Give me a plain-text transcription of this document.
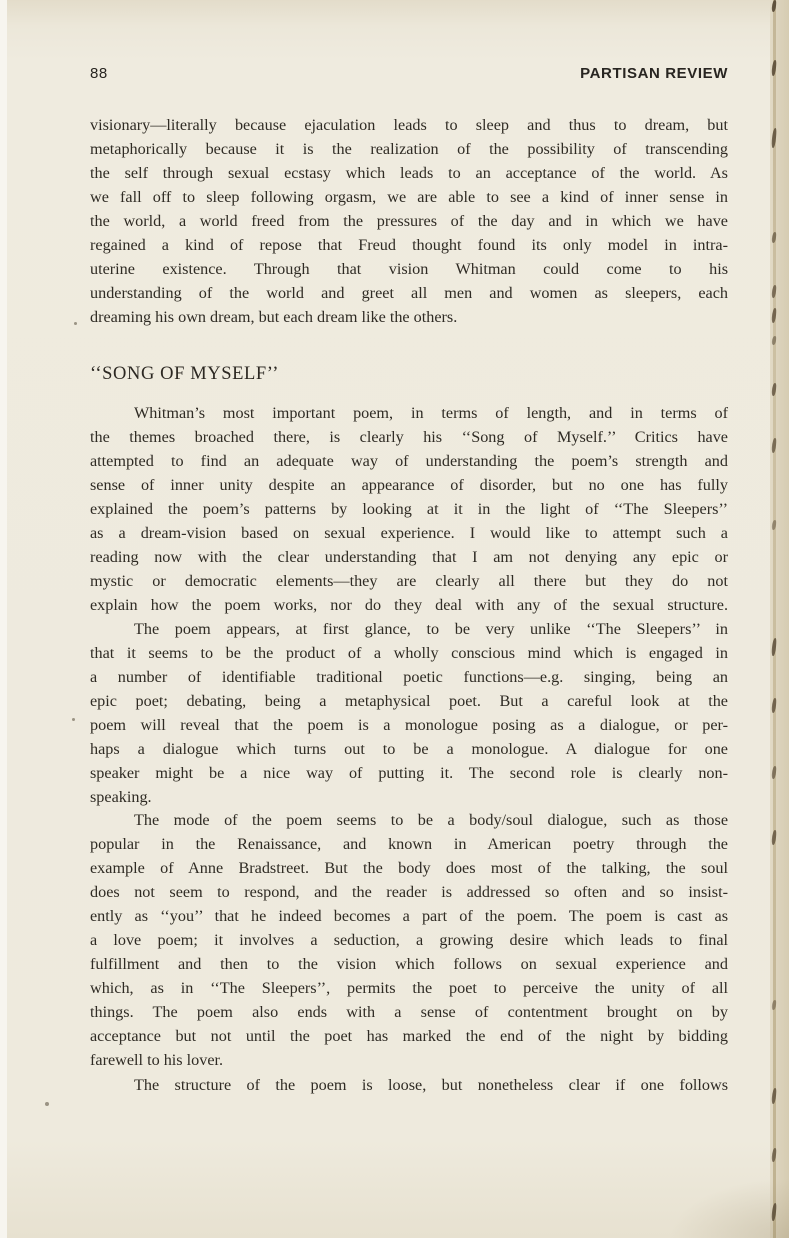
88	PARTISAN REVIEW
‘‘SONG OF MYSELF’’
visionary—literally because ejaculation leads to sleep and thus to dream, but
metaphorically because it is the realization of the possibility of transcending
the self through sexual ecstasy which leads to an acceptance of the world. As
we fall off to sleep following orgasm, we are able to see a kind of inner sense in
the world, a world freed from the pressures of the day and in which we have
regained a kind of repose that Freud thought found its only model in intra-
uterine existence. Through that vision Whitman could come to his
understanding of the world and greet all men and women as sleepers, each
dreaming his own dream, but each dream like the others.
Whitman’s most important poem, in terms of length, and in terms of
the themes broached there, is clearly his ‘‘Song of Myself.’’ Critics have
attempted to find an adequate way of understanding the poem’s strength and
sense of inner unity despite an appearance of disorder, but no one has fully
explained the poem’s patterns by looking at it in the light of ‘‘The Sleepers’’
as a dream-vision based on sexual experience. I would like to attempt such a
reading now with the clear understanding that I am not denying any epic or
mystic or democratic elements—they are clearly all there but they do not
explain how the poem works, nor do they deal with any of the sexual structure.
The poem appears, at first glance, to be very unlike ‘‘The Sleepers’’ in
that it seems to be the product of a wholly conscious mind which is engaged in
a number of identifiable traditional poetic functions—e.g. singing, being an
epic poet; debating, being a metaphysical poet. But a careful look at the
poem will reveal that the poem is a monologue posing as a dialogue, or per-
haps a dialogue which turns out to be a monologue. A dialogue for one
speaker might be a nice way of putting it. The second role is clearly non-
speaking.
The mode of the poem seems to be a body/soul dialogue, such as those
popular in the Renaissance, and known in American poetry through the
example of Anne Bradstreet. But the body does most of the talking, the soul
does not seem to respond, and the reader is addressed so often and so insist-
ently as ‘‘you’’ that he indeed becomes a part of the poem. The poem is cast as
a love poem; it involves a seduction, a growing desire which leads to final
fulfillment and then to the vision which follows on sexual experience and
which, as in ‘‘The Sleepers’’, permits the poet to perceive the unity of all
things. The poem also ends with a sense of contentment brought on by
acceptance but not until the poet has marked the end of the night by bidding
farewell to his lover.
The structure of the poem is loose, but nonetheless clear if one follows
